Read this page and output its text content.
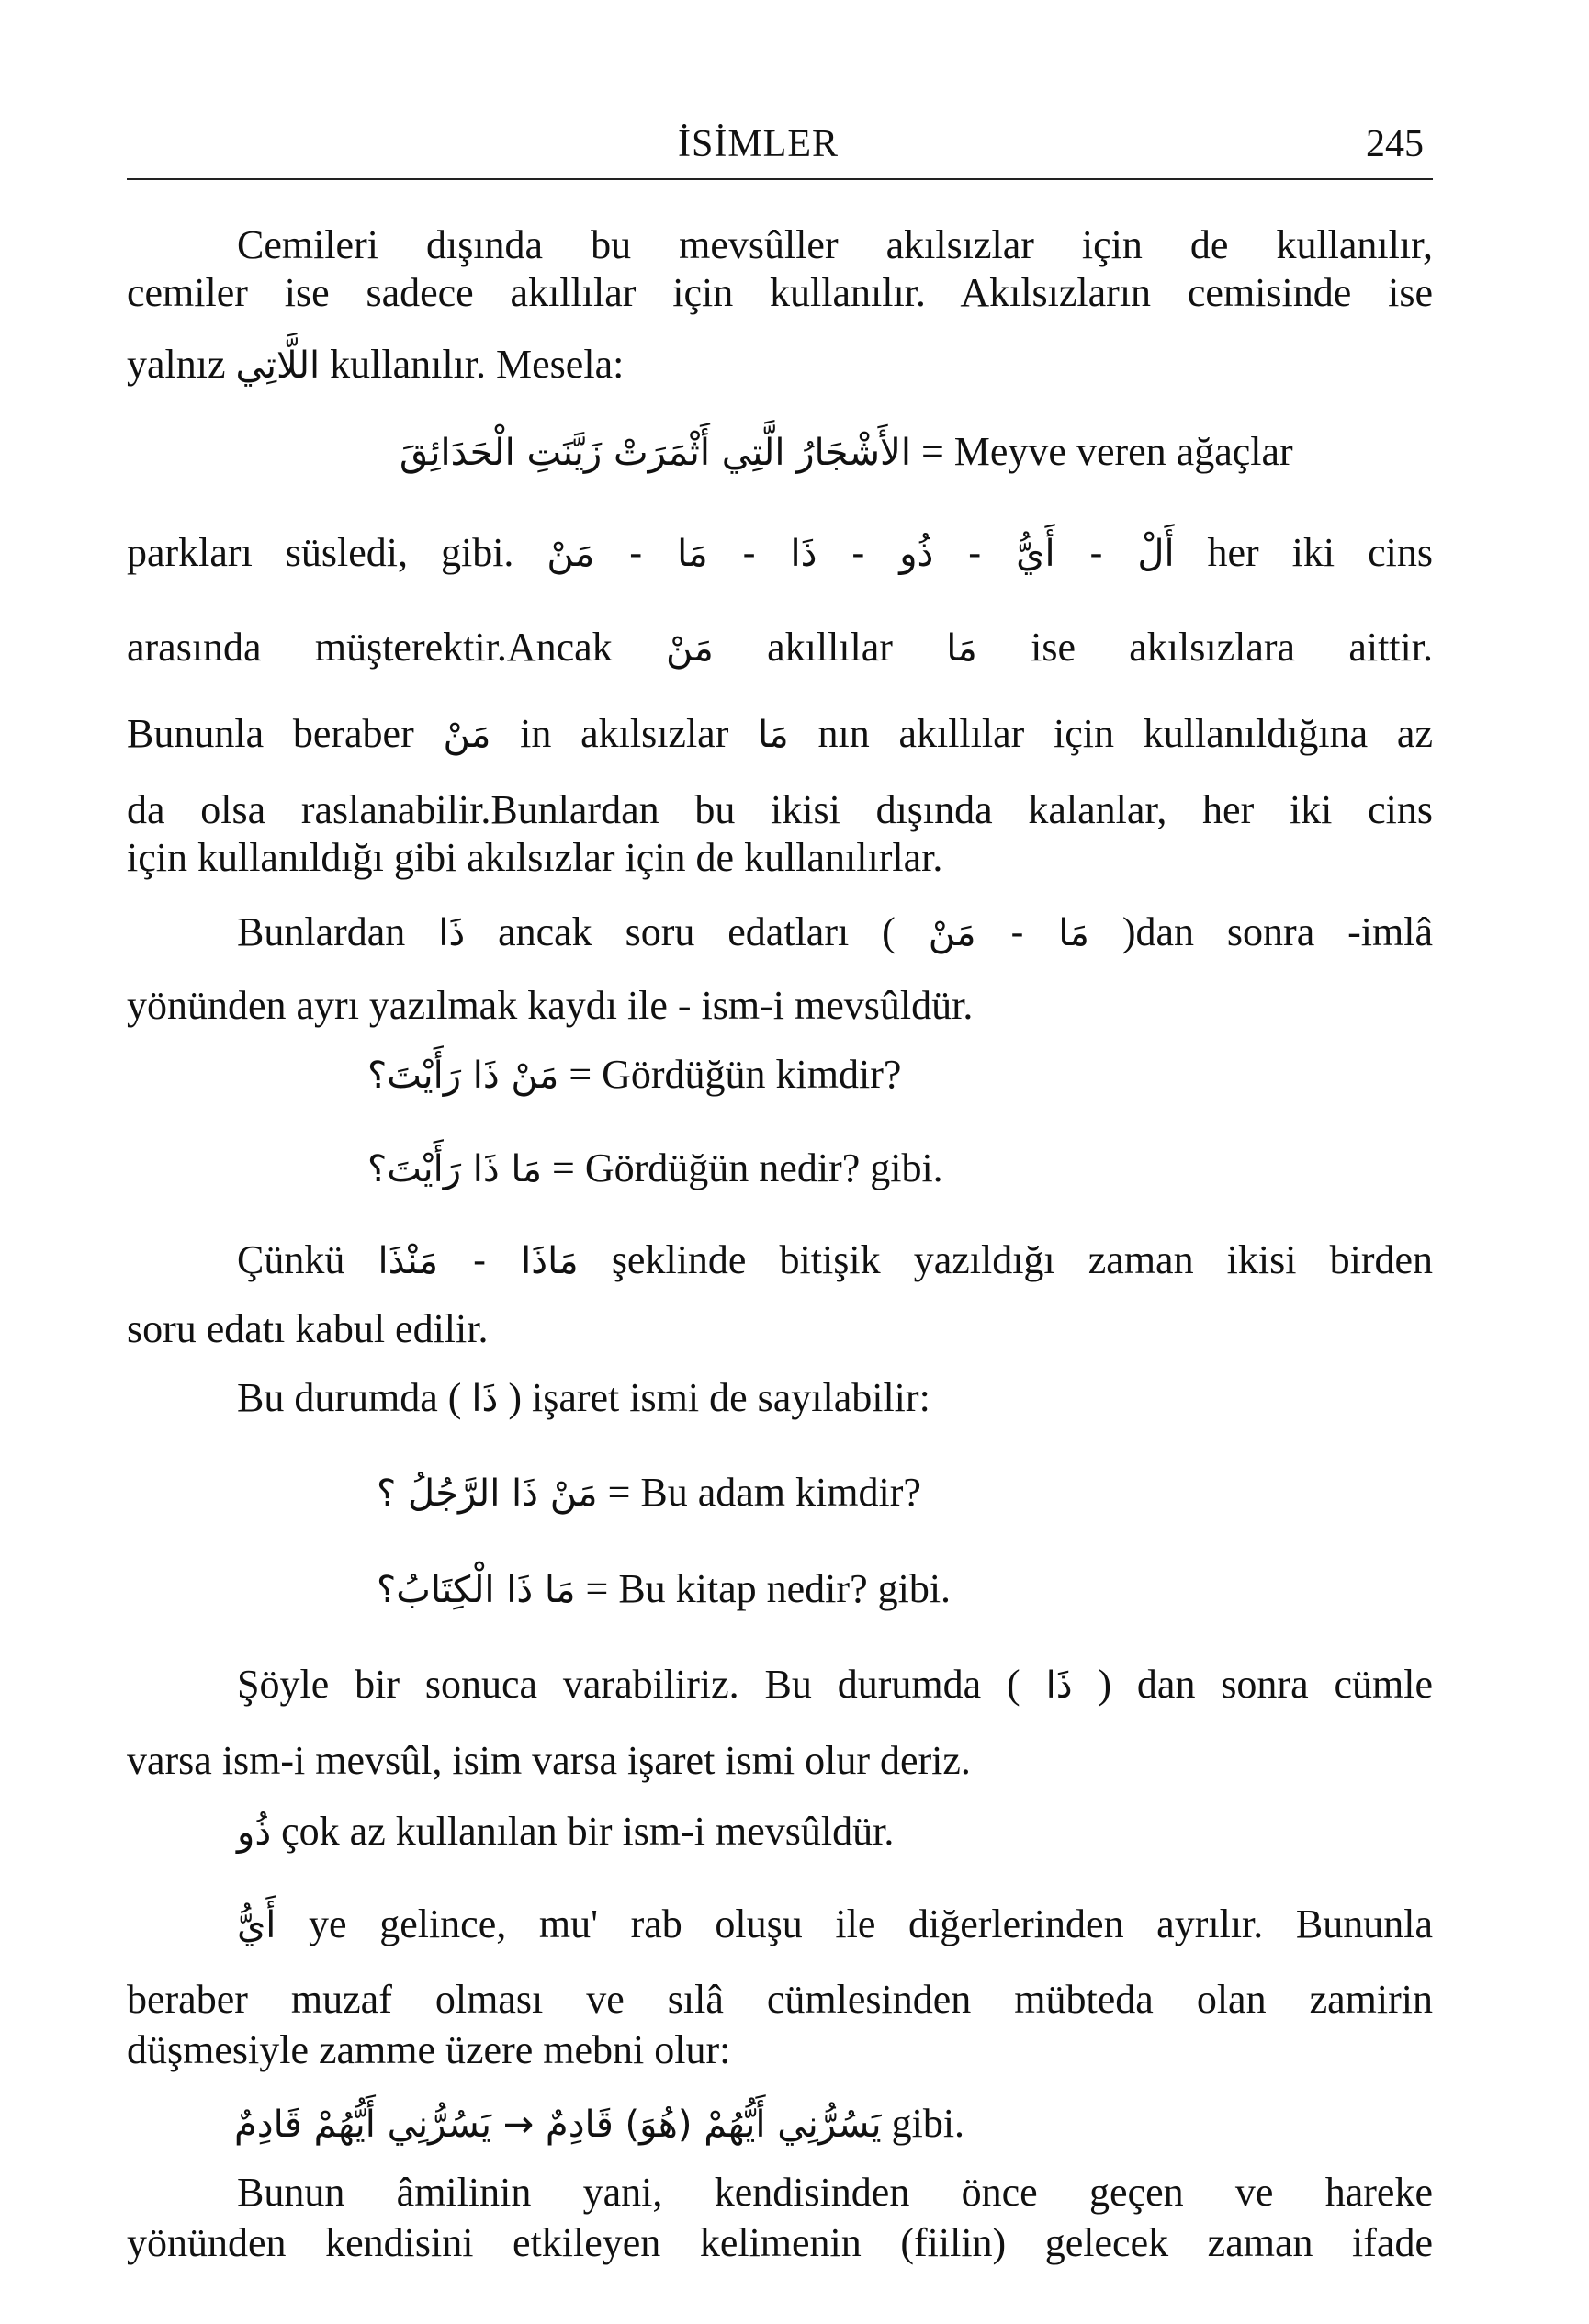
İSİMLER	245
Cemileri dışında bu mevsûller akılsızlar için de kullanılır,
cemiler ise sadece akıllılar için kullanılır. Akılsızların cemisinde ise
yalnız اللَّاتِي kullanılır. Mesela:
الأَشْجَارُ الَّتِي أَثْمَرَتْ زَيَّنَتِ الْحَدَائِقَ = Meyve veren ağaçlar
parkları süsledi, gibi. أَلْ - أَيُّ - ذُو - ذَا - مَا - مَنْ her iki cins
arasında müşterektir.Ancak مَنْ akıllılar مَا ise akılsızlara aittir.
Bununla beraber مَنْ in akılsızlar مَا nın akıllılar için kullanıldığına az
da olsa raslanabilir.Bunlardan bu ikisi dışında kalanlar, her iki cins
için kullanıldığı gibi akılsızlar için de kullanılırlar.
Bunlardan ذَا ancak soru edatları ( مَا - مَنْ )dan sonra -imlâ
yönünden ayrı yazılmak kaydı ile - ism-i mevsûldür.
مَنْ ذَا رَأَيْتَ؟ = Gördüğün kimdir?
مَا ذَا رَأَيْتَ؟ = Gördüğün nedir? gibi.
Çünkü مَاذَا - مَنْذَا şeklinde bitişik yazıldığı zaman ikisi birden
soru edatı kabul edilir.
Bu durumda ( ذَا ) işaret ismi de sayılabilir:
مَنْ ذَا الرَّجُلُ ؟ = Bu adam kimdir?
مَا ذَا الْكِتَابُ؟ = Bu kitap nedir? gibi.
Şöyle bir sonuca varabiliriz. Bu durumda ( ذَا ) dan sonra cümle
varsa ism-i mevsûl, isim varsa işaret ismi olur deriz.
ذُو çok az kullanılan bir ism-i mevsûldür.
أَيُّ ye gelince, mu' rab oluşu ile diğerlerinden ayrılır. Bununla
beraber muzaf olması ve sılâ cümlesinden mübteda olan zamirin
düşmesiyle zamme üzere mebni olur:
يَسُرُّنِي أَيُّهُمْ (هُوَ) قَادِمٌ → يَسُرُّنِي أَيُّهُمْ قَادِمٌ gibi.
Bunun âmilinin yani, kendisinden önce geçen ve hareke
yönünden kendisini etkileyen kelimenin (fiilin) gelecek zaman ifade
